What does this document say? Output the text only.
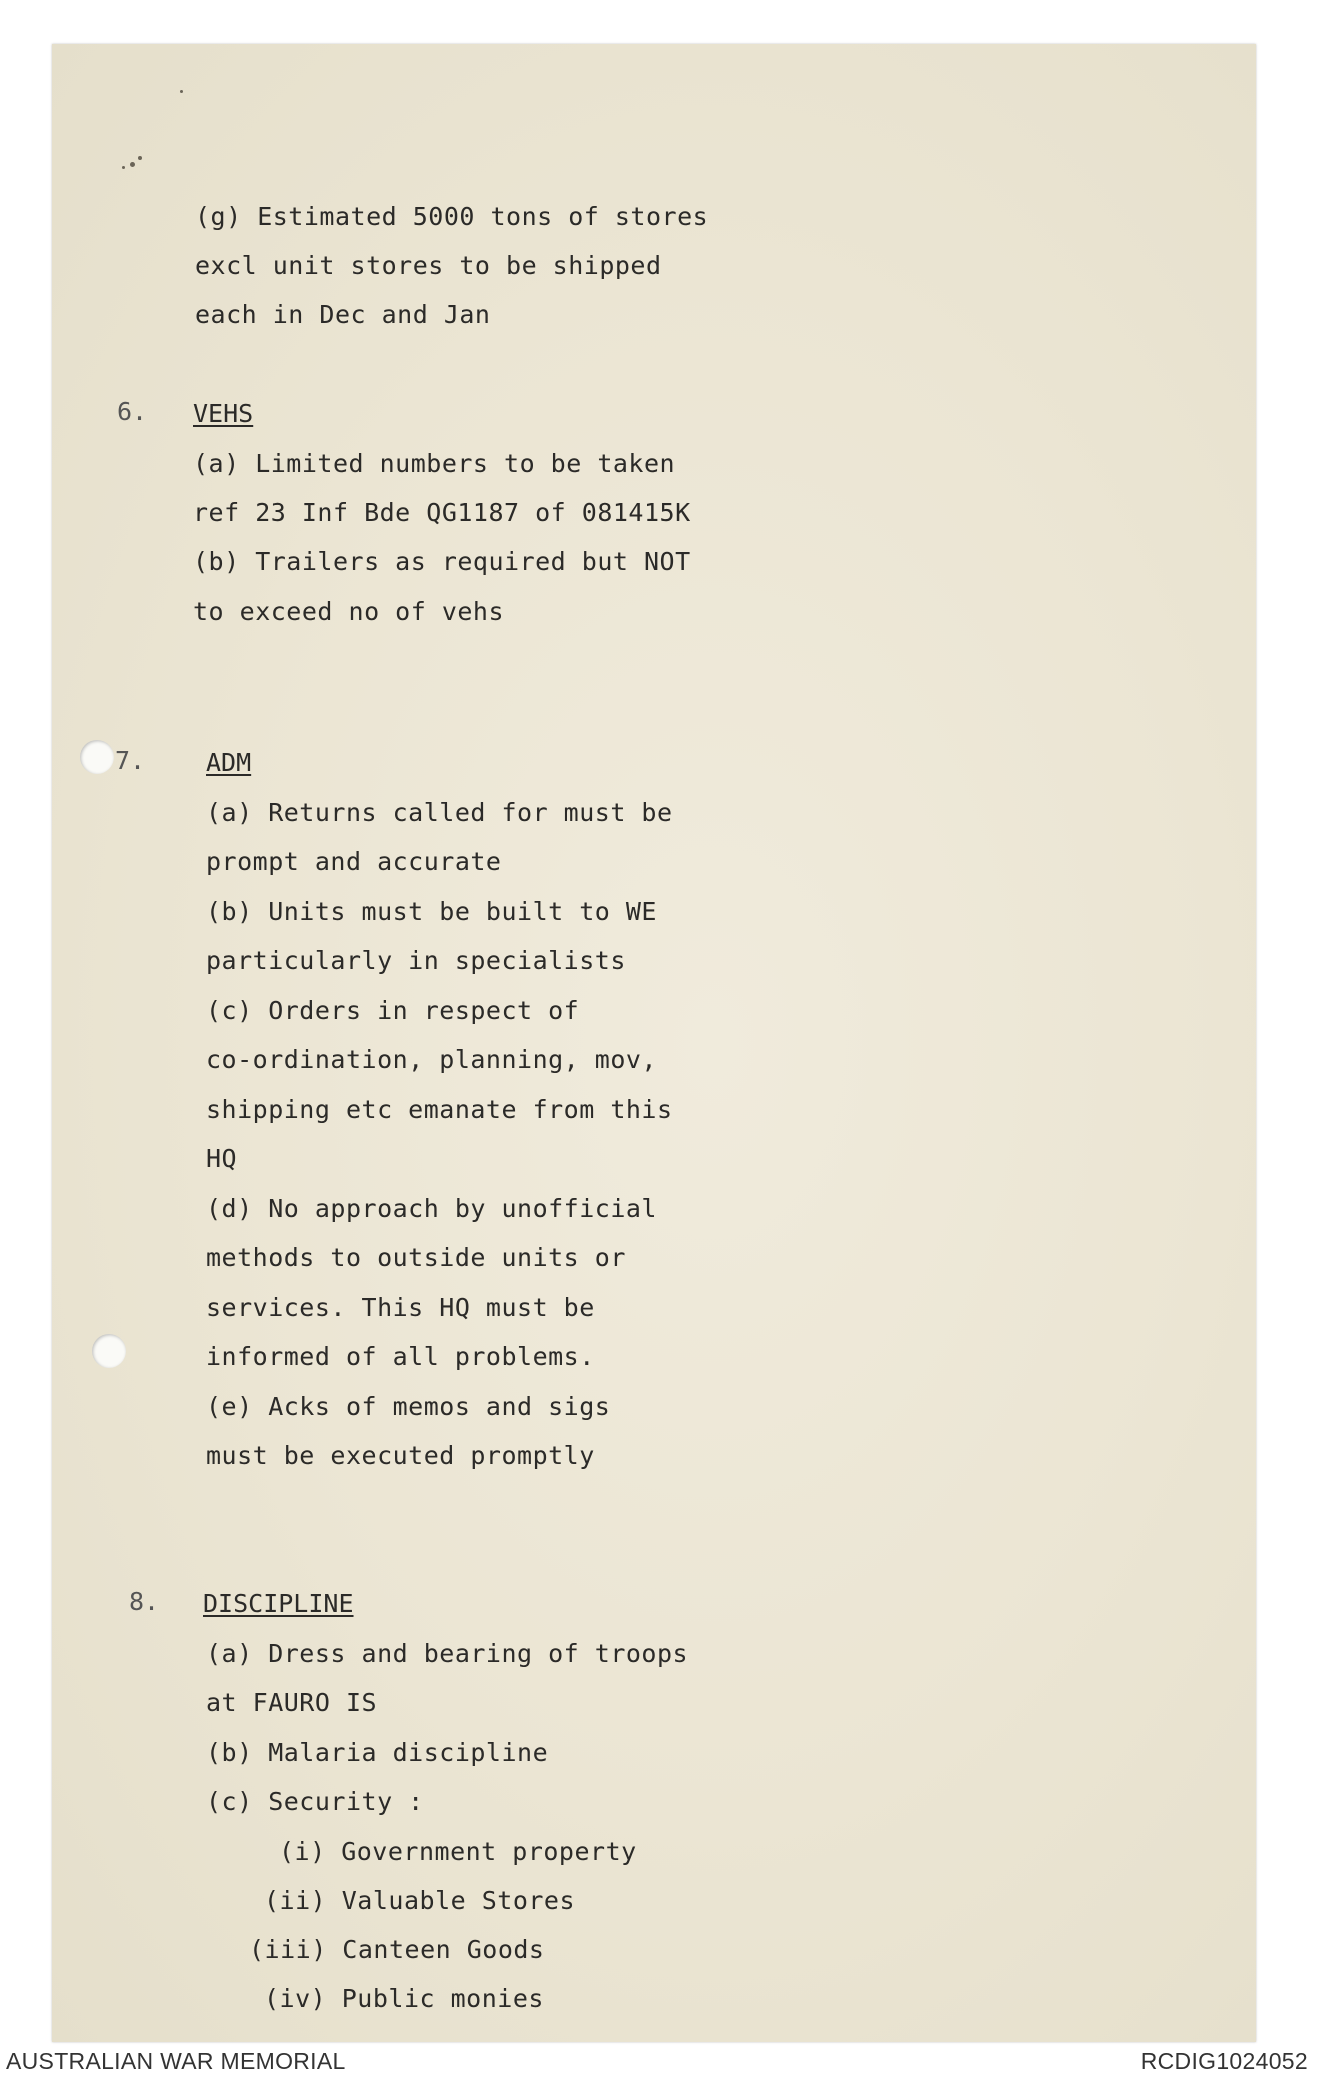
(g) Estimated 5000 tons of stores
excl unit stores to be shipped
each in Dec and Jan
6. VEHS
(a) Limited numbers to be taken
ref 23 Inf Bde QG1187 of 081415K
(b) Trailers as required but NOT
to exceed no of vehs
7. ADM
(a) Returns called for must be
prompt and accurate
(b) Units must be built to WE
particularly in specialists
(c) Orders in respect of
co-ordination, planning, mov,
shipping etc emanate from this
HQ
(d) No approach by unofficial
methods to outside units or
services. This HQ must be
informed of all problems.
(e) Acks of memos and sigs
must be executed promptly
8. DISCIPLINE
(a) Dress and bearing of troops
at FAURO IS
(b) Malaria discipline
(c) Security :
(i) Government property
(ii) Valuable Stores
(iii) Canteen Goods
(iv) Public monies
AUSTRALIAN WAR MEMORIAL	RCDIG1024052
